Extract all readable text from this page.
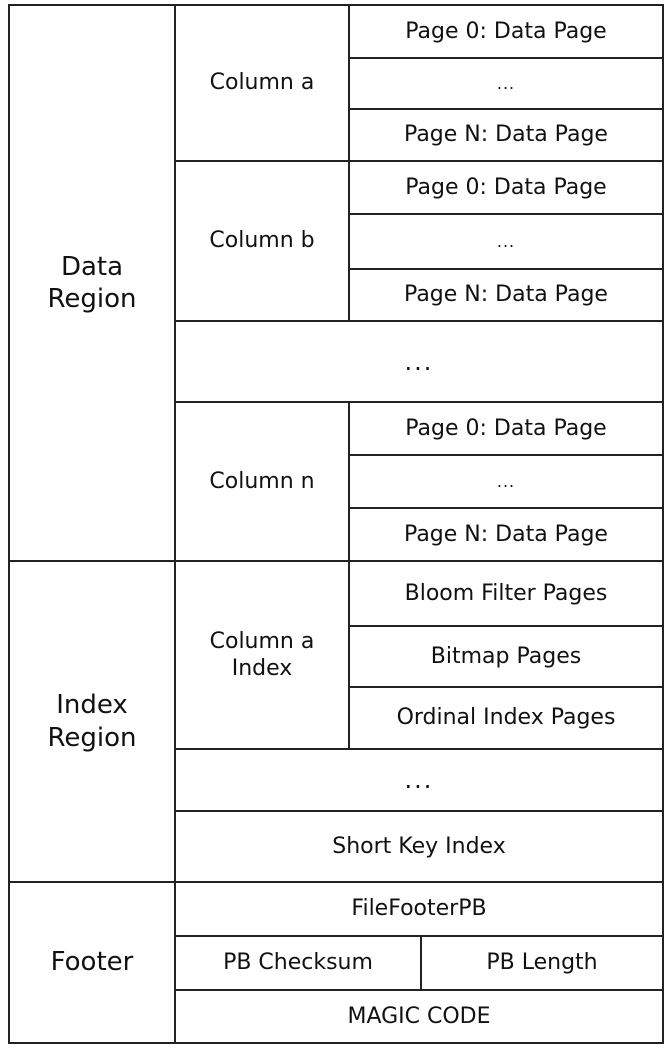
Data
Region
Column a
Page 0: Data Page
...
Page N: Data Page
Column b
Page 0: Data Page
...
Page N: Data Page
...
Column n
Page 0: Data Page
...
Page N: Data Page
Index
Region
Column a
Index
Bloom Filter Pages
Bitmap Pages
Ordinal Index Pages
...
Short Key Index
Footer
FileFooterPB
PB Checksum	PB Length
MAGIC CODE
